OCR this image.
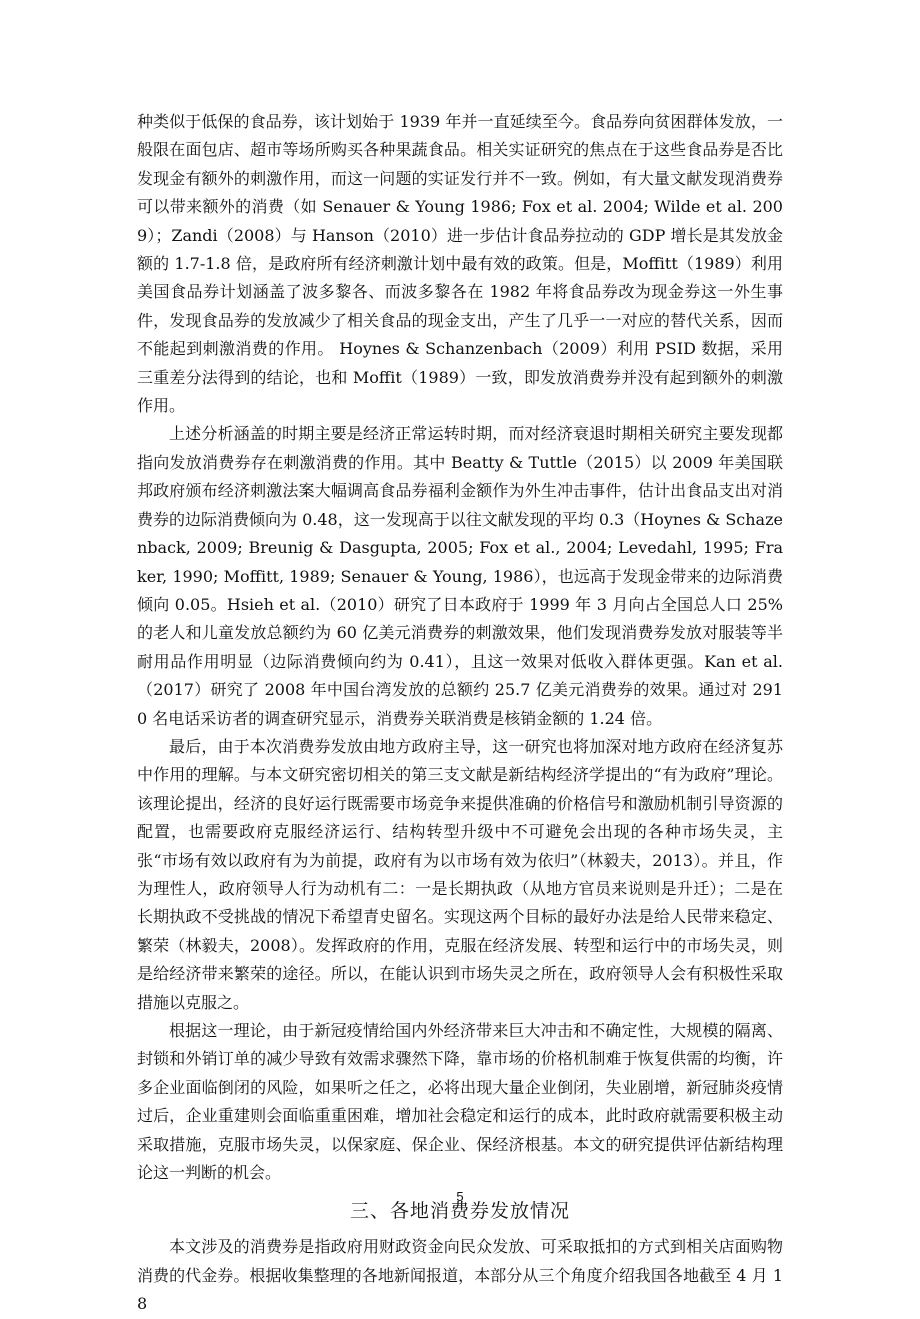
种类似于低保的食品券，该计划始于 1939 年并一直延续至今。食品券向贫困群体发放，一般限在面包店、超市等场所购买各种果蔬食品。相关实证研究的焦点在于这些食品券是否比发现金有额外的刺激作用，而这一问题的实证发行并不一致。例如，有大量文献发现消费券可以带来额外的消费（如 Senauer & Young 1986; Fox et al. 2004; Wilde et al. 2009）；Zandi（2008）与 Hanson（2010）进一步估计食品券拉动的 GDP 增长是其发放金额的 1.7-1.8 倍，是政府所有经济刺激计划中最有效的政策。但是，Moffitt（1989）利用美国食品券计划涵盖了波多黎各、而波多黎各在 1982 年将食品券改为现金券这一外生事件，发现食品券的发放减少了相关食品的现金支出，产生了几乎一一对应的替代关系，因而不能起到刺激消费的作用。 Hoynes & Schanzenbach（2009）利用 PSID 数据，采用三重差分法得到的结论，也和 Moffit（1989）一致，即发放消费券并没有起到额外的刺激作用。

上述分析涵盖的时期主要是经济正常运转时期，而对经济衰退时期相关研究主要发现都指向发放消费券存在刺激消费的作用。其中 Beatty & Tuttle（2015）以 2009 年美国联邦政府颁布经济刺激法案大幅调高食品券福利金额作为外生冲击事件，估计出食品支出对消费券的边际消费倾向为 0.48，这一发现高于以往文献发现的平均 0.3（Hoynes & Schazenback, 2009; Breunig & Dasgupta, 2005; Fox et al., 2004; Levedahl, 1995; Fraker, 1990; Moffitt, 1989; Senauer & Young, 1986），也远高于发现金带来的边际消费倾向 0.05。Hsieh et al.（2010）研究了日本政府于 1999 年 3 月向占全国总人口 25%的老人和儿童发放总额约为 60 亿美元消费券的刺激效果，他们发现消费券发放对服装等半耐用品作用明显（边际消费倾向约为 0.41），且这一效果对低收入群体更强。Kan et al.（2017）研究了 2008 年中国台湾发放的总额约 25.7 亿美元消费券的效果。通过对 2910 名电话采访者的调查研究显示，消费券关联消费是核销金额的 1.24 倍。

最后，由于本次消费券发放由地方政府主导，这一研究也将加深对地方政府在经济复苏中作用的理解。与本文研究密切相关的第三支文献是新结构经济学提出的“有为政府”理论。该理论提出，经济的良好运行既需要市场竞争来提供准确的价格信号和激励机制引导资源的配置，也需要政府克服经济运行、结构转型升级中不可避免会出现的各种市场失灵，主张“市场有效以政府有为为前提，政府有为以市场有效为依归”（林毅夫，2013）。并且，作为理性人，政府领导人行为动机有二：一是长期执政（从地方官员来说则是升迁）；二是在长期执政不受挑战的情况下希望青史留名。实现这两个目标的最好办法是给人民带来稳定、繁荣（林毅夫，2008）。发挥政府的作用，克服在经济发展、转型和运行中的市场失灵，则是给经济带来繁荣的途径。所以，在能认识到市场失灵之所在，政府领导人会有积极性采取措施以克服之。

根据这一理论，由于新冠疫情给国内外经济带来巨大冲击和不确定性，大规模的隔离、封锁和外销订单的减少导致有效需求骤然下降，靠市场的价格机制难于恢复供需的均衡，许多企业面临倒闭的风险，如果听之任之，必将出现大量企业倒闭，失业剧增，新冠肺炎疫情过后，企业重建则会面临重重困难，增加社会稳定和运行的成本，此时政府就需要积极主动采取措施，克服市场失灵，以保家庭、保企业、保经济根基。本文的研究提供评估新结构理论这一判断的机会。

三、各地消费券发放情况

本文涉及的消费券是指政府用财政资金向民众发放、可采取抵扣的方式到相关店面购物消费的代金券。根据收集整理的各地新闻报道，本部分从三个角度介绍我国各地截至 4 月 18

5
